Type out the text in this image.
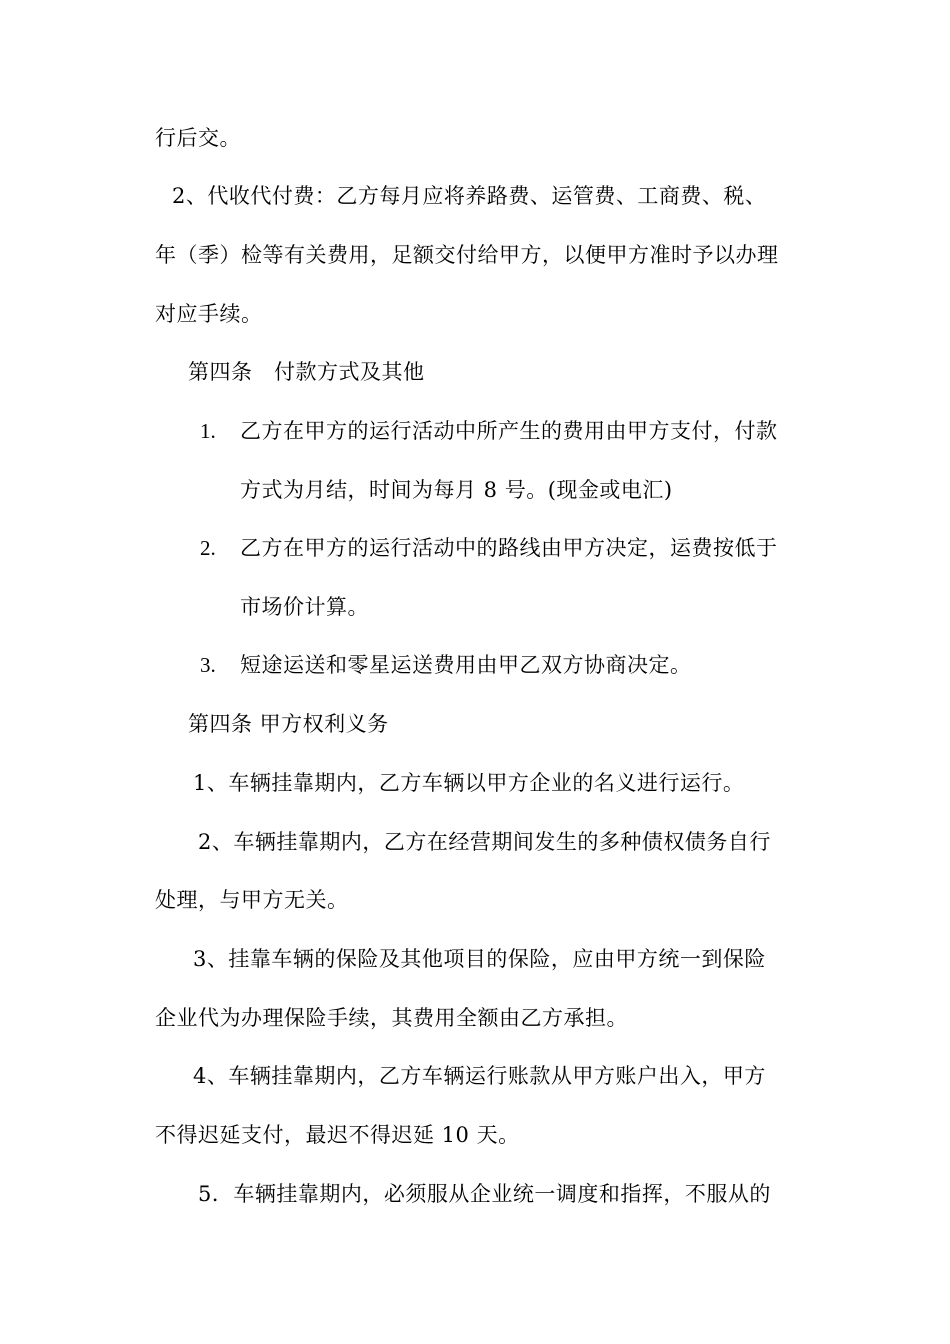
行后交。
2、代收代付费：乙方每月应将养路费、运管费、工商费、税、
年（季）检等有关费用，足额交付给甲方，以便甲方准时予以办理
对应手续。
第四条　付款方式及其他
1. 乙方在甲方的运行活动中所产生的费用由甲方支付，付款
方式为月结，时间为每月 8 号。(现金或电汇)
2. 乙方在甲方的运行活动中的路线由甲方决定，运费按低于
市场价计算。
3. 短途运送和零星运送费用由甲乙双方协商决定。
第四条 甲方权利义务
1、车辆挂靠期内，乙方车辆以甲方企业的名义进行运行。
2、车辆挂靠期内，乙方在经营期间发生的多种债权债务自行
处理，与甲方无关。
3、挂靠车辆的保险及其他项目的保险，应由甲方统一到保险
企业代为办理保险手续，其费用全额由乙方承担。
4、车辆挂靠期内，乙方车辆运行账款从甲方账户出入，甲方
不得迟延支付，最迟不得迟延 10 天。
5．车辆挂靠期内，必须服从企业统一调度和指挥，不服从的
